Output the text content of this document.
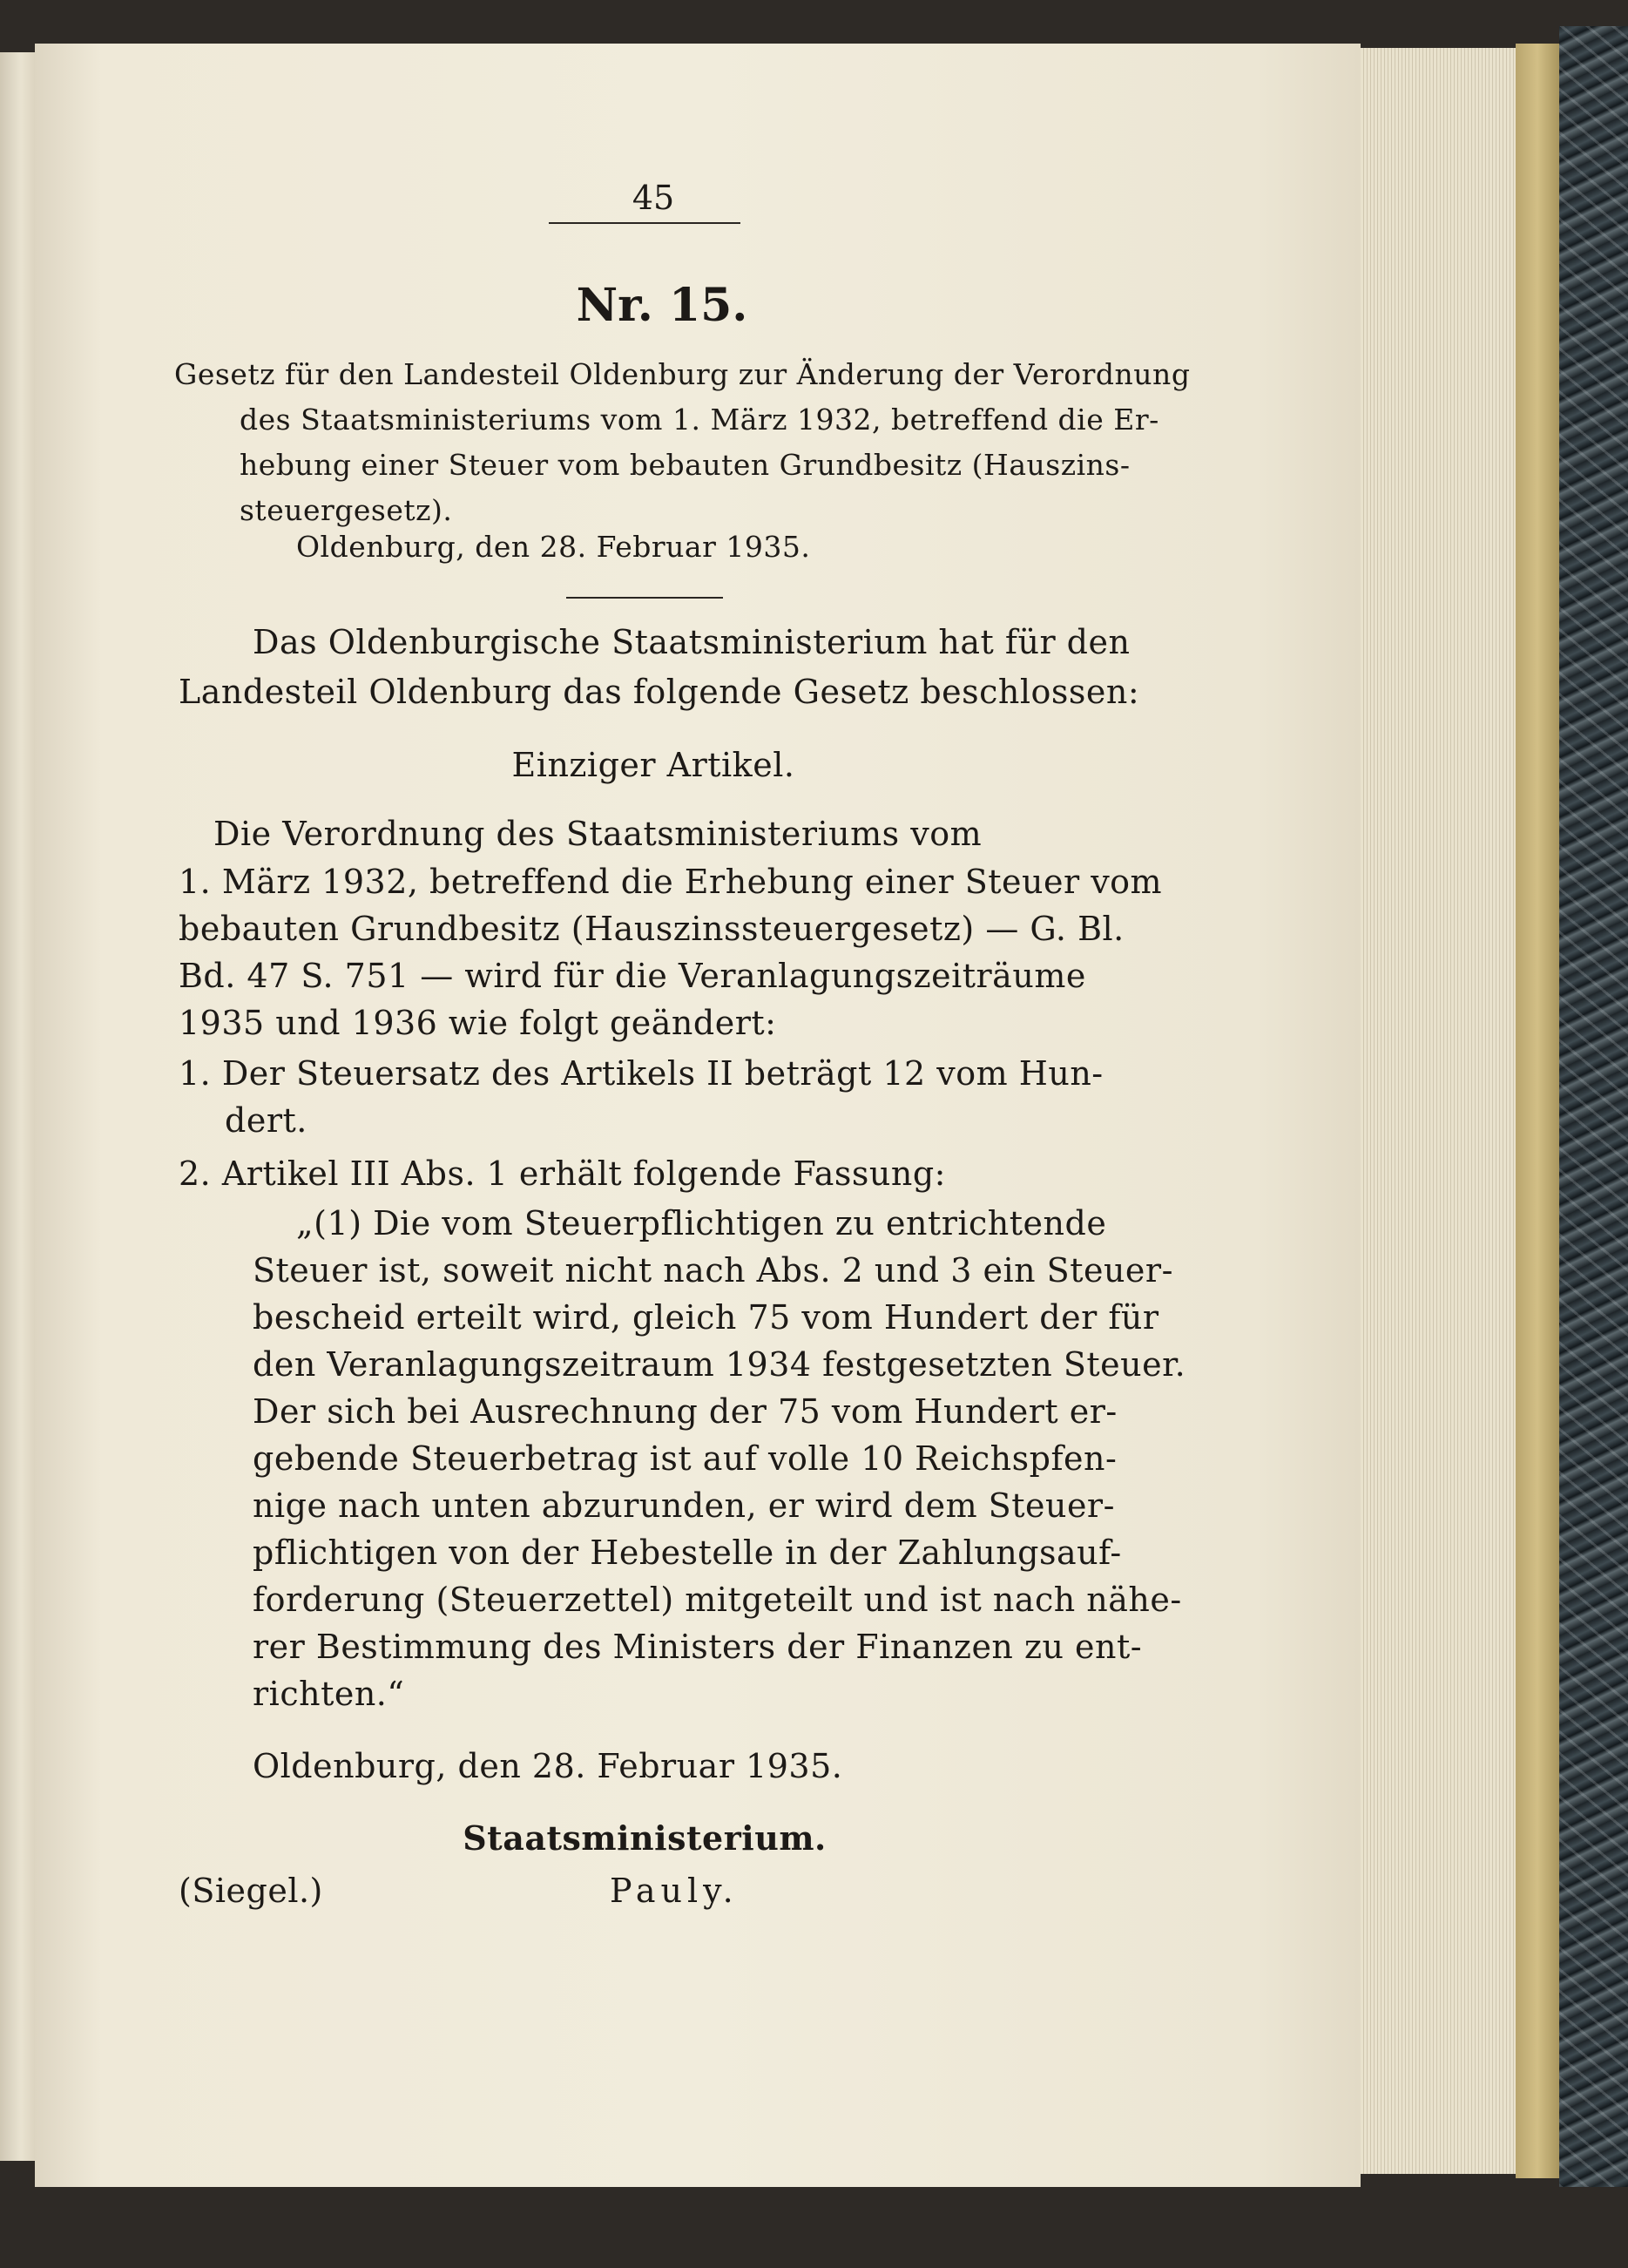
45
Nr. 15.
Gesetz für den Landesteil Oldenburg zur Änderung der Verordnung
des Staatsministeriums vom 1. März 1932, betreffend die Er-
hebung einer Steuer vom bebauten Grundbesitz (Hauszins-
steuergesetz).
Oldenburg, den 28. Februar 1935.
Das Oldenburgische Staatsministerium hat für den
Landesteil Oldenburg das folgende Gesetz beschlossen:
Einziger Artikel.
Die Verordnung des Staatsministeriums vom
1. März 1932, betreffend die Erhebung einer Steuer vom
bebauten Grundbesitz (Hauszinssteuergesetz) — G. Bl.
Bd. 47 S. 751 — wird für die Veranlagungszeiträume
1935 und 1936 wie folgt geändert:
1. Der Steuersatz des Artikels II beträgt 12 vom Hun-
dert.
2. Artikel III Abs. 1 erhält folgende Fassung:
„(1) Die vom Steuerpflichtigen zu entrichtende
Steuer ist, soweit nicht nach Abs. 2 und 3 ein Steuer-
bescheid erteilt wird, gleich 75 vom Hundert der für
den Veranlagungszeitraum 1934 festgesetzten Steuer.
Der sich bei Ausrechnung der 75 vom Hundert er-
gebende Steuerbetrag ist auf volle 10 Reichspfen-
nige nach unten abzurunden, er wird dem Steuer-
pflichtigen von der Hebestelle in der Zahlungsauf-
forderung (Steuerzettel) mitgeteilt und ist nach nähe-
rer Bestimmung des Ministers der Finanzen zu ent-
richten.“
Oldenburg, den 28. Februar 1935.
Staatsministerium.
(Siegel.)	Pauly.
